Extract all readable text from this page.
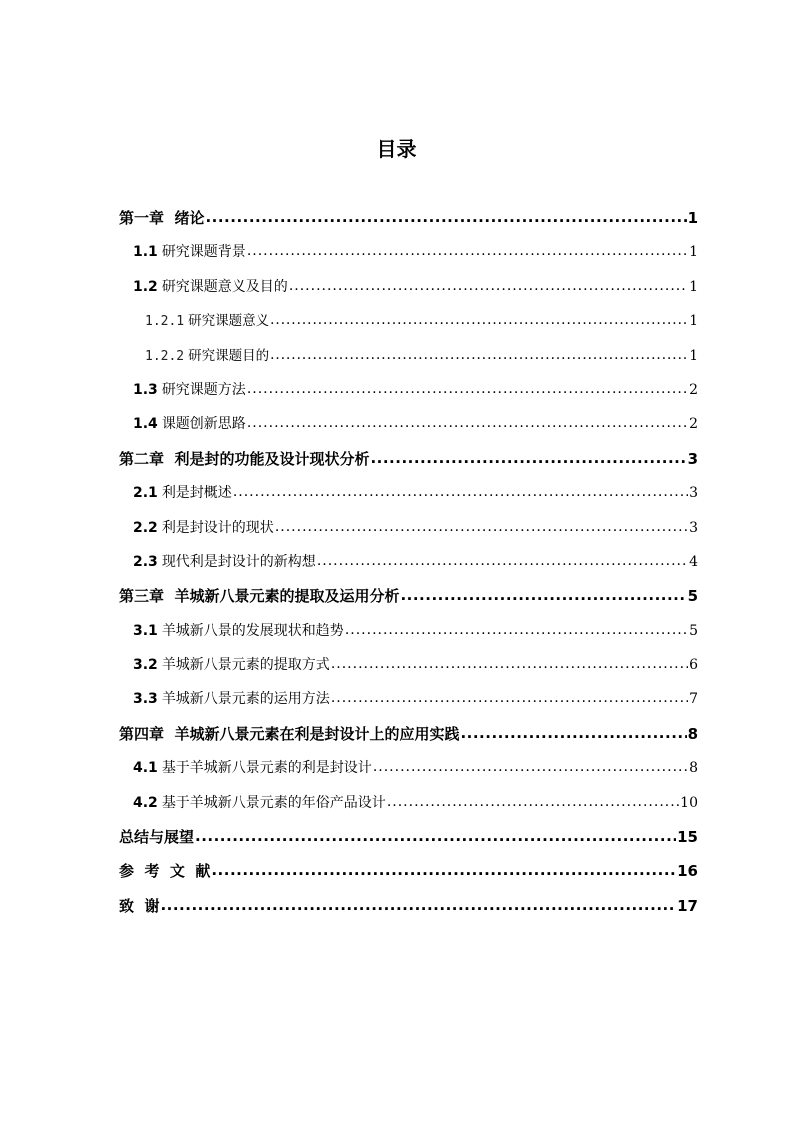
目录
第一章  绪论 .....	1
1.1 研究课题背景 .....	1
1.2 研究课题意义及目的 .....	1
1.2.1 研究课题意义 .....	1
1.2.2 研究课题目的 .....	1
1.3 研究课题方法 .....	2
1.4 课题创新思路 .....	2
第二章  利是封的功能及设计现状分析 .....	3
2.1 利是封概述 .....	3
2.2 利是封设计的现状 .....	3
2.3 现代利是封设计的新构想 .....	4
第三章  羊城新八景元素的提取及运用分析 .....	5
3.1 羊城新八景的发展现状和趋势 .....	5
3.2 羊城新八景元素的提取方式 .....	6
3.3 羊城新八景元素的运用方法 .....	7
第四章  羊城新八景元素在利是封设计上的应用实践 .....	8
4.1 基于羊城新八景元素的利是封设计 .....	8
4.2 基于羊城新八景元素的年俗产品设计 .....	10
总结与展望 .....	15
参  考  文  献 .....	16
致  谢 .....	17
